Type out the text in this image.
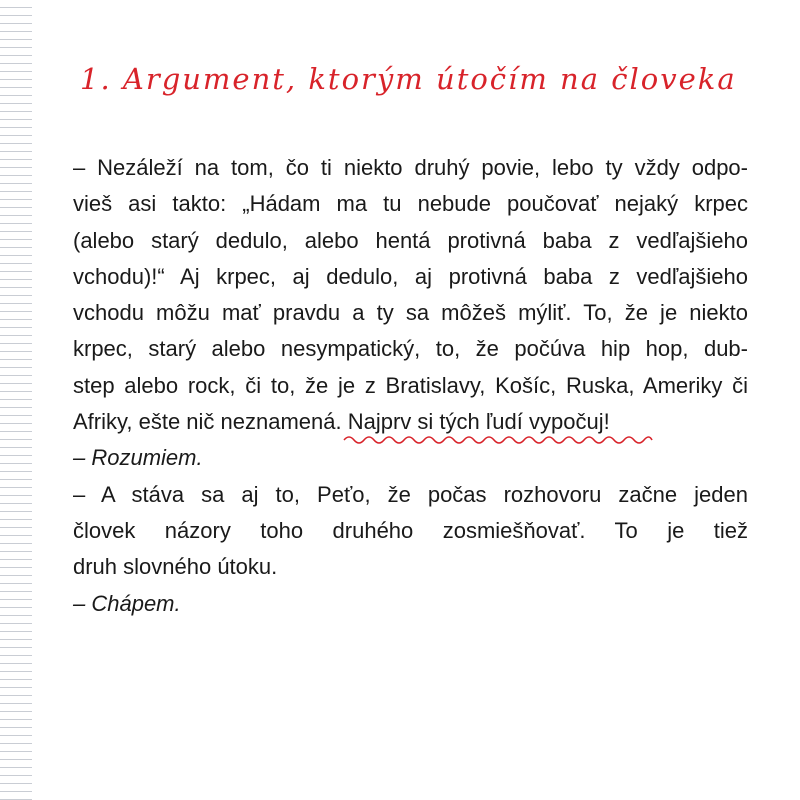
1. Argument, ktorým útočím na človeka
– Nezáleží na tom, čo ti niekto druhý povie, lebo ty vždy odpo-
vieš asi takto: „Hádam ma tu nebude poučovať nejaký krpec
(alebo starý dedulo, alebo hentá protivná baba z vedľajšieho
vchodu)!“ Aj krpec, aj dedulo, aj protivná baba z vedľajšieho
vchodu môžu mať pravdu a ty sa môžeš mýliť. To, že je niekto
krpec, starý alebo nesympatický, to, že počúva hip hop, dub-
step alebo rock, či to, že je z Bratislavy, Košíc, Ruska, Ameriky či
Afriky, ešte nič neznamená. Najprv si tých ľudí vypočuj!
– Rozumiem.
– A stáva sa aj to, Peťo, že počas rozhovoru začne jeden
človek názory toho druhého zosmiešňovať. To je tiež
druh slovného útoku.
– Chápem.
